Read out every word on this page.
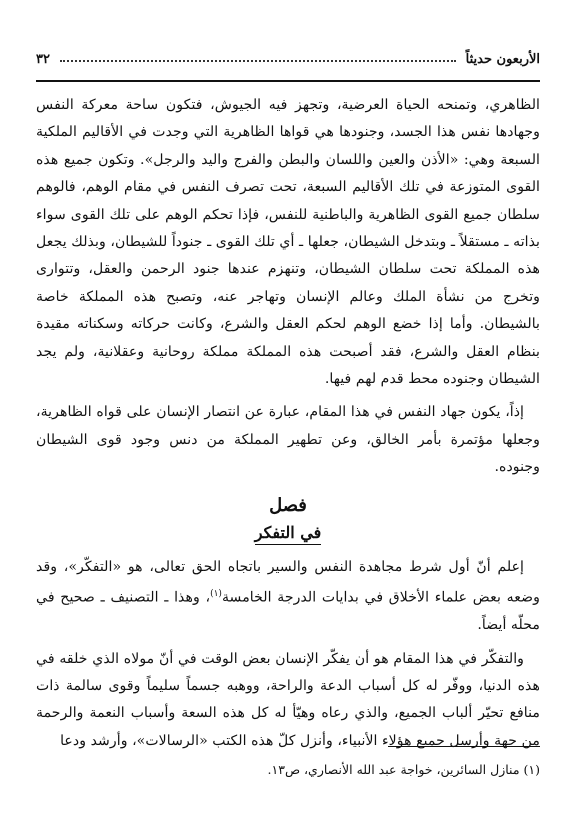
٣٢	الأربعون حديثاً

الظاهري، وتمنحه الحياة العرضية، وتجهز فيه الجيوش، فتكون ساحة معركة النفس وجهادها نفس هذا الجسد، وجنودها هي قواها الظاهرية التي وجدت في الأقاليم الملكية السبعة وهي: «الأذن والعين واللسان والبطن والفرج واليد والرجل». وتكون جميع هذه القوى المتوزعة في تلك الأقاليم السبعة، تحت تصرف النفس في مقام الوهم، فالوهم سلطان جميع القوى الظاهرية والباطنية للنفس، فإذا تحكم الوهم على تلك القوى سواء بذاته ـ مستقلاً ـ وبتدخل الشيطان، جعلها ـ أي تلك القوى ـ جنوداً للشيطان، وبذلك يجعل هذه المملكة تحت سلطان الشيطان، وتنهزم عندها جنود الرحمن والعقل، وتتوارى وتخرج من نشأة الملك وعالم الإنسان وتهاجر عنه، وتصبح هذه المملكة خاصة بالشيطان. وأما إذا خضع الوهم لحكم العقل والشرع، وكانت حركاته وسكناته مقيدة بنظام العقل والشرع، فقد أصبحت هذه المملكة مملكة روحانية وعقلانية، ولم يجد الشيطان وجنوده محط قدم لهم فيها.

إذاً، يكون جهاد النفس في هذا المقام، عبارة عن انتصار الإنسان على قواه الظاهرية، وجعلها مؤتمرة بأمر الخالق، وعن تطهير المملكة من دنس وجود قوى الشيطان وجنوده.

فصل
في التفكر

إعلم أنّ أول شرط مجاهدة النفس والسير باتجاه الحق تعالى، هو «التفكّر»، وقد وضعه بعض علماء الأخلاق في بدايات الدرجة الخامسة$^{(١)}$، وهذا ـ التصنيف ـ صحيح في محلّه أيضاً.

والتفكّر في هذا المقام هو أن يفكّر الإنسان بعض الوقت في أنّ مولاه الذي خلقه في هذه الدنيا، ووفّر له كل أسباب الدعة والراحة، ووهبه جسماً سليماً وقوى سالمة ذات منافع تحيّر ألباب الجميع، والذي رعاه وهيّأ له كل هذه السعة وأسباب النعمة والرحمة من جهة وأرسل جميع هؤلاء الأنبياء، وأنزل كلّ هذه الكتب «الرسالات»، وأرشد ودعا

(١) منازل السائرين، خواجة عبد الله الأنصاري، ص١٣.
